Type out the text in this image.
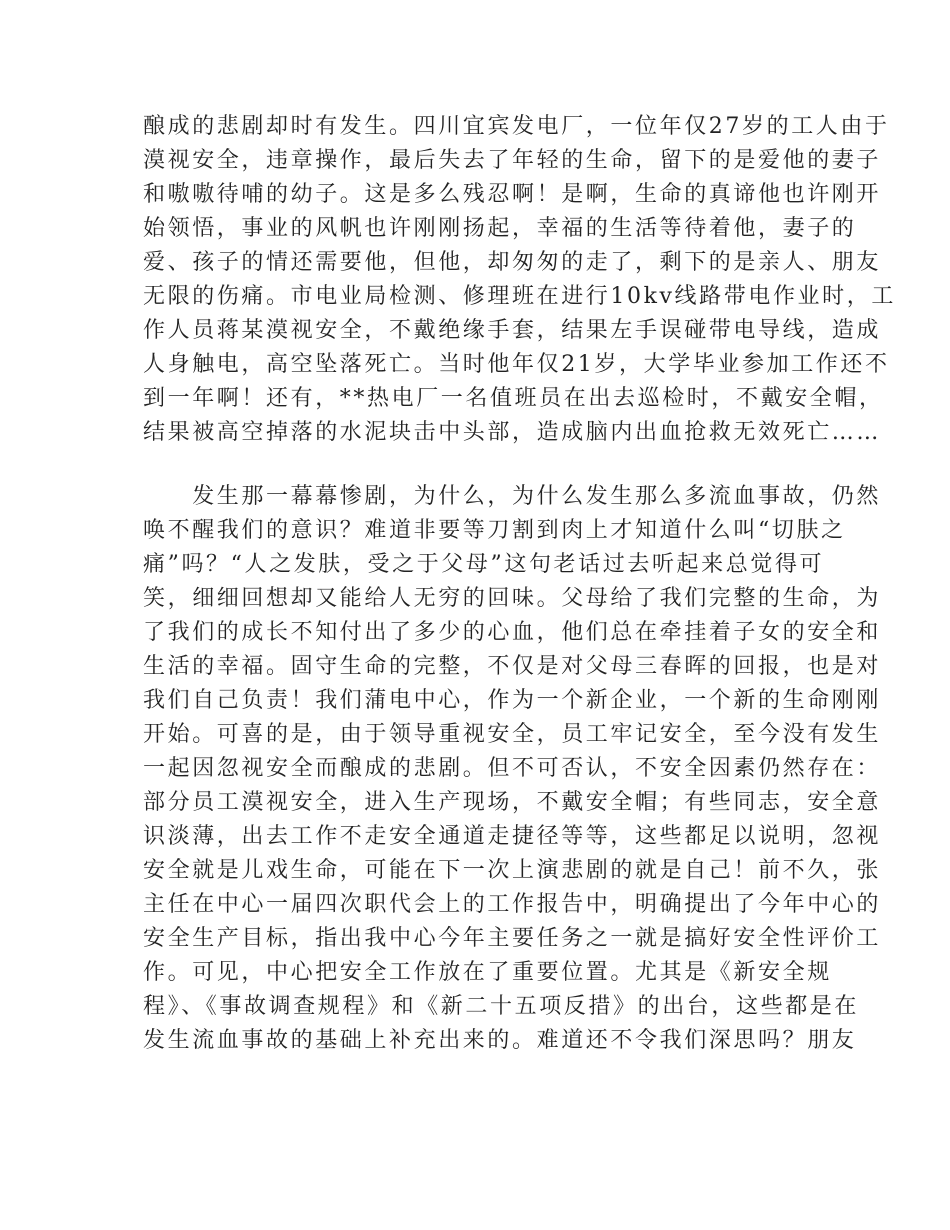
酿成的悲剧却时有发生。四川宜宾发电厂，一位年仅27岁的工人由于
漠视安全，违章操作，最后失去了年轻的生命，留下的是爱他的妻子
和嗷嗷待哺的幼子。这是多么残忍啊！是啊，生命的真谛他也许刚开
始领悟，事业的风帆也许刚刚扬起，幸福的生活等待着他，妻子的
爱、孩子的情还需要他，但他，却匆匆的走了，剩下的是亲人、朋友
无限的伤痛。市电业局检测、修理班在进行10kv线路带电作业时，工
作人员蒋某漠视安全，不戴绝缘手套，结果左手误碰带电导线，造成
人身触电，高空坠落死亡。当时他年仅21岁，大学毕业参加工作还不
到一年啊！还有，**热电厂一名值班员在出去巡检时，不戴安全帽，
结果被高空掉落的水泥块击中头部，造成脑内出血抢救无效死亡……
　　发生那一幕幕惨剧，为什么，为什么发生那么多流血事故，仍然
唤不醒我们的意识？难道非要等刀割到肉上才知道什么叫“切肤之
痛”吗？“人之发肤，受之于父母”这句老话过去听起来总觉得可
笑，细细回想却又能给人无穷的回味。父母给了我们完整的生命，为
了我们的成长不知付出了多少的心血，他们总在牵挂着子女的安全和
生活的幸福。固守生命的完整，不仅是对父母三春晖的回报，也是对
我们自己负责！我们蒲电中心，作为一个新企业，一个新的生命刚刚
开始。可喜的是，由于领导重视安全，员工牢记安全，至今没有发生
一起因忽视安全而酿成的悲剧。但不可否认，不安全因素仍然存在：
部分员工漠视安全，进入生产现场，不戴安全帽；有些同志，安全意
识淡薄，出去工作不走安全通道走捷径等等，这些都足以说明，忽视
安全就是儿戏生命，可能在下一次上演悲剧的就是自己！前不久，张
主任在中心一届四次职代会上的工作报告中，明确提出了今年中心的
安全生产目标，指出我中心今年主要任务之一就是搞好安全性评价工
作。可见，中心把安全工作放在了重要位置。尤其是《新安全规
程》、《事故调查规程》和《新二十五项反措》的出台，这些都是在
发生流血事故的基础上补充出来的。难道还不令我们深思吗？朋友
